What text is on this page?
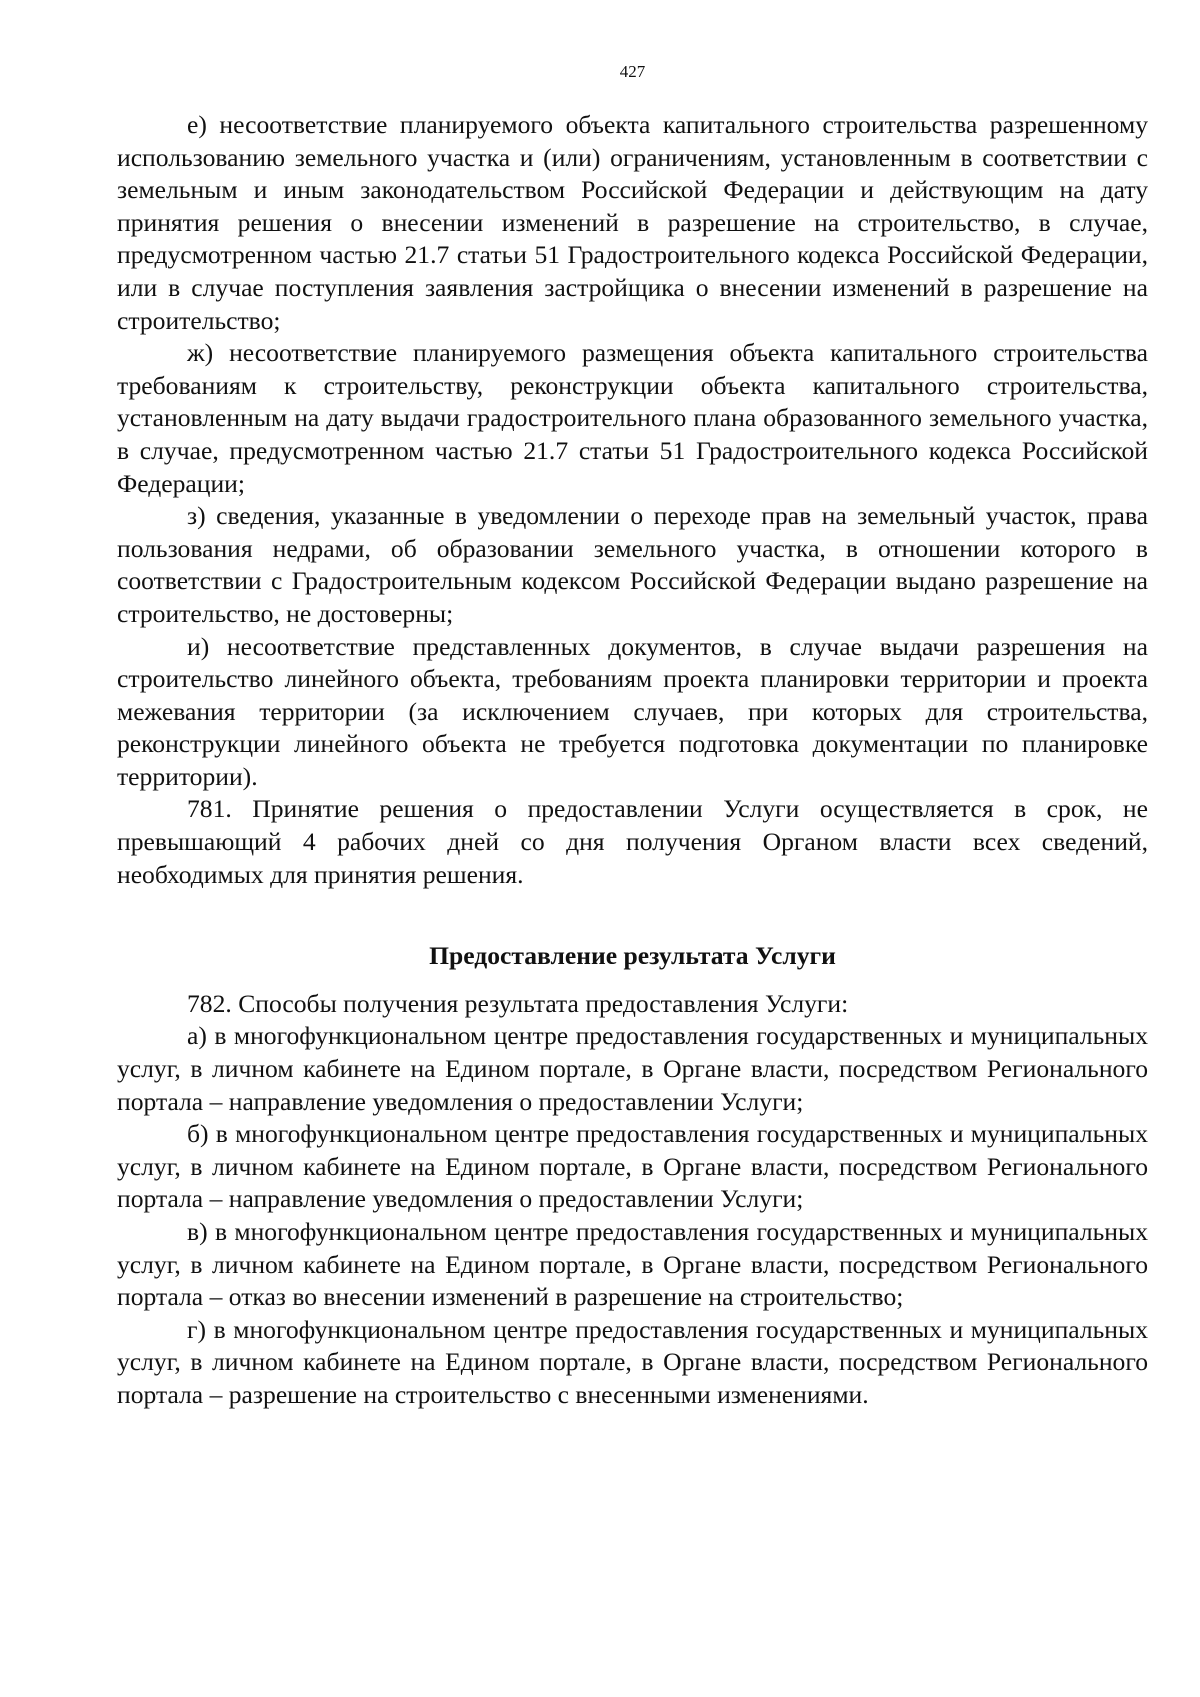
427

е) несоответствие планируемого объекта капитального строительства разрешенному использованию земельного участка и (или) ограничениям, установленным в соответствии с земельным и иным законодательством Российской Федерации и действующим на дату принятия решения о внесении изменений в разрешение на строительство, в случае, предусмотренном частью 21.7 статьи 51 Градостроительного кодекса Российской Федерации, или в случае поступления заявления застройщика о внесении изменений в разрешение на строительство;

ж) несоответствие планируемого размещения объекта капитального строительства требованиям к строительству, реконструкции объекта капитального строительства, установленным на дату выдачи градостроительного плана образованного земельного участка, в случае, предусмотренном частью 21.7 статьи 51 Градостроительного кодекса Российской Федерации;

з) сведения, указанные в уведомлении о переходе прав на земельный участок, права пользования недрами, об образовании земельного участка, в отношении которого в соответствии с Градостроительным кодексом Российской Федерации выдано разрешение на строительство, не достоверны;

и) несоответствие представленных документов, в случае выдачи разрешения на строительство линейного объекта, требованиям проекта планировки территории и проекта межевания территории (за исключением случаев, при которых для строительства, реконструкции линейного объекта не требуется подготовка документации по планировке территории).

781. Принятие решения о предоставлении Услуги осуществляется в срок, не превышающий 4 рабочих дней со дня получения Органом власти всех сведений, необходимых для принятия решения.

Предоставление результата Услуги

782. Способы получения результата предоставления Услуги:

а) в многофункциональном центре предоставления государственных и муниципальных услуг, в личном кабинете на Едином портале, в Органе власти, посредством Регионального портала – направление уведомления о предоставлении Услуги;

б) в многофункциональном центре предоставления государственных и муниципальных услуг, в личном кабинете на Едином портале, в Органе власти, посредством Регионального портала – направление уведомления о предоставлении Услуги;

в) в многофункциональном центре предоставления государственных и муниципальных услуг, в личном кабинете на Едином портале, в Органе власти, посредством Регионального портала – отказ во внесении изменений в разрешение на строительство;

г) в многофункциональном центре предоставления государственных и муниципальных услуг, в личном кабинете на Едином портале, в Органе власти, посредством Регионального портала – разрешение на строительство с внесенными изменениями.
